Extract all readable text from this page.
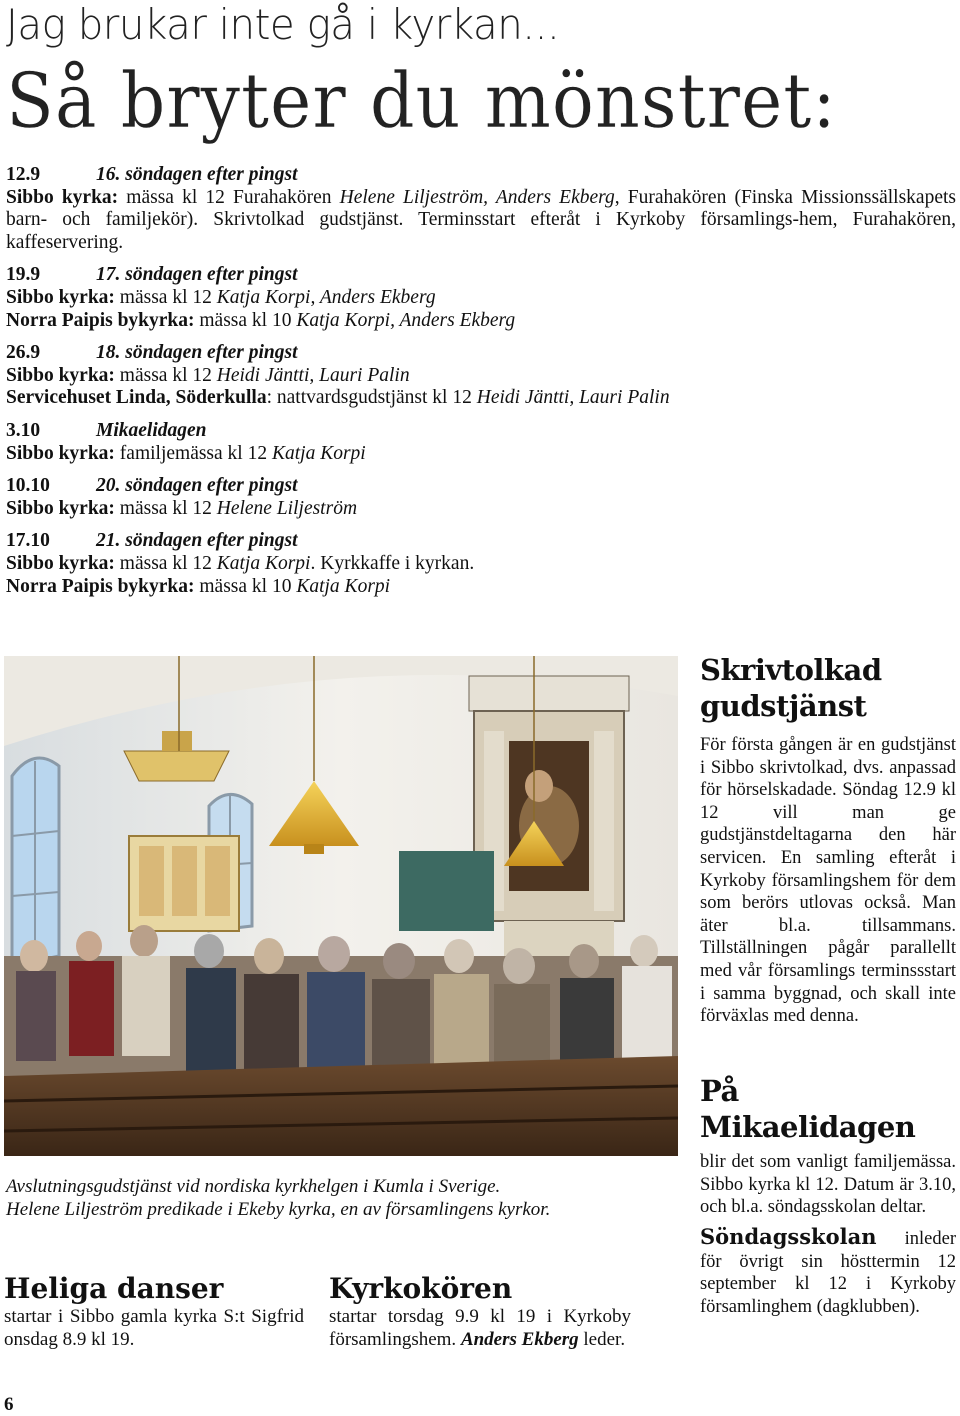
Jag brukar inte gå i kyrkan...
Så bryter du mönstret:
12.9	16. söndagen efter pingst

Sibbo kyrka: mässa kl 12 Furahakören Helene Liljeström, Anders Ekberg, Furahakören (Finska Missionssällskapets barn- och familjekör). Skrivtolkad gudstjänst. Terminsstart efteråt i Kyrkoby församlings-hem, Furahakören, kaffeservering.

19.9	17. söndagen efter pingst

Sibbo kyrka: mässa kl 12 Katja Korpi, Anders Ekberg

Norra Paipis bykyrka: mässa kl 10 Katja Korpi, Anders Ekberg

26.9	18. söndagen efter pingst

Sibbo kyrka: mässa kl 12 Heidi Jäntti, Lauri Palin

Servicehuset Linda, Söderkulla: nattvardsgudstjänst kl 12 Heidi Jäntti, Lauri Palin

3.10	Mikaelidagen

Sibbo kyrka: familjemässa kl 12 Katja Korpi

10.10 20. söndagen efter pingst

Sibbo kyrka: mässa kl 12 Helene Liljeström

17.10 21. söndagen efter pingst

Sibbo kyrka: mässa kl 12 Katja Korpi. Kyrkkaffe i kyrkan.

Norra Paipis bykyrka: mässa kl 10 Katja Korpi

Avslutningsgudstjänst vid nordiska kyrkhelgen i Kumla i Sverige.
Helene Liljeström predikade i Ekeby kyrka, en av församlingens kyrkor.
Skrivtolkad gudstjänst

För första gången är en gudstjänst i Sibbo skrivtolkad, dvs. anpassad för hörselskadade. Söndag 12.9 kl 12 vill man ge gudstjänstdeltagarna den här servicen. En samling efteråt i Kyrkoby församlingshem för dem som berörs utlovas också. Man äter bl.a. tillsammans. Tillställningen pågår parallellt med vår församlings terminssstart i samma byggnad, och skall inte förväxlas med denna.

På Mikaelidagen

blir det som vanligt familjemässa. Sibbo kyrka kl 12. Datum är 3.10, och bl.a. söndagsskolan deltar.

Söndagsskolan inleder för övrigt sin hösttermin 12 september kl 12 i Kyrkoby församlinghem (dagklubben).

Heliga danser

startar i Sibbo gamla kyrka S:t Sigfrid onsdag 8.9 kl 19.

Kyrkokören

startar torsdag 9.9 kl 19 i Kyrkoby församlingshem. Anders Ekberg leder.

6
